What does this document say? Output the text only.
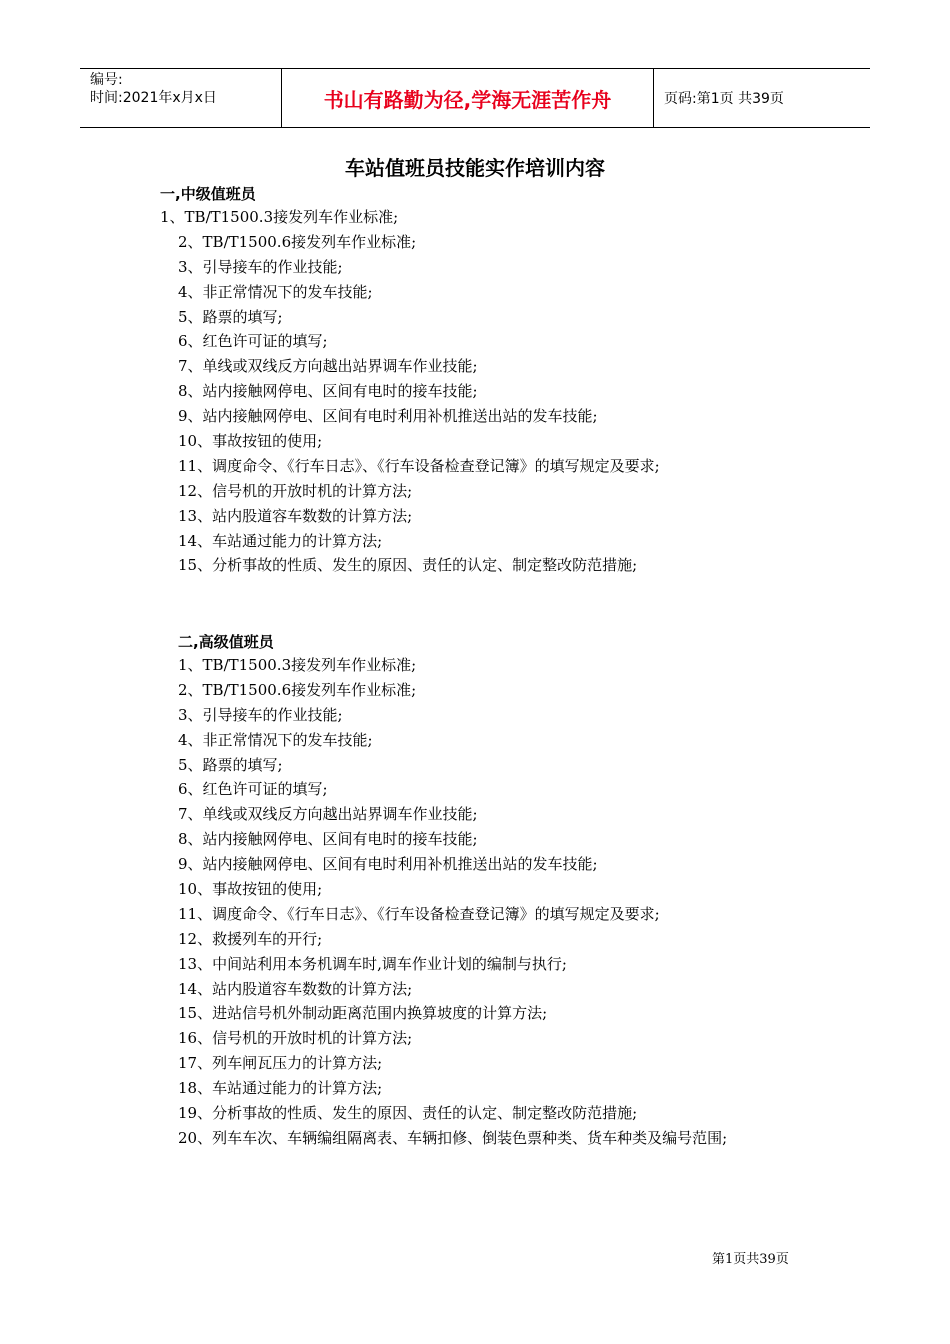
编号:
时间:2021年x月x日	书山有路勤为径,学海无涯苦作舟	页码:第1页 共39页
车站值班员技能实作培训内容
一,中级值班员
1、TB/T1500.3接发列车作业标准;
2、TB/T1500.6接发列车作业标准;
3、引导接车的作业技能;
4、非正常情况下的发车技能;
5、路票的填写;
6、红色许可证的填写;
7、单线或双线反方向越出站界调车作业技能;
8、站内接触网停电、区间有电时的接车技能;
9、站内接触网停电、区间有电时利用补机推送出站的发车技能;
10、事故按钮的使用;
11、调度命令、《行车日志》、《行车设备检查登记簿》的填写规定及要求;
12、信号机的开放时机的计算方法;
13、站内股道容车数数的计算方法;
14、车站通过能力的计算方法;
15、分析事故的性质、发生的原因、责任的认定、制定整改防范措施;
二,高级值班员
1、TB/T1500.3接发列车作业标准;
2、TB/T1500.6接发列车作业标准;
3、引导接车的作业技能;
4、非正常情况下的发车技能;
5、路票的填写;
6、红色许可证的填写;
7、单线或双线反方向越出站界调车作业技能;
8、站内接触网停电、区间有电时的接车技能;
9、站内接触网停电、区间有电时利用补机推送出站的发车技能;
10、事故按钮的使用;
11、调度命令、《行车日志》、《行车设备检查登记簿》的填写规定及要求;
12、救援列车的开行;
13、中间站利用本务机调车时,调车作业计划的编制与执行;
14、站内股道容车数数的计算方法;
15、进站信号机外制动距离范围内换算坡度的计算方法;
16、信号机的开放时机的计算方法;
17、列车闸瓦压力的计算方法;
18、车站通过能力的计算方法;
19、分析事故的性质、发生的原因、责任的认定、制定整改防范措施;
20、列车车次、车辆编组隔离表、车辆扣修、倒装色票种类、货车种类及编号范围;
第1页共39页
